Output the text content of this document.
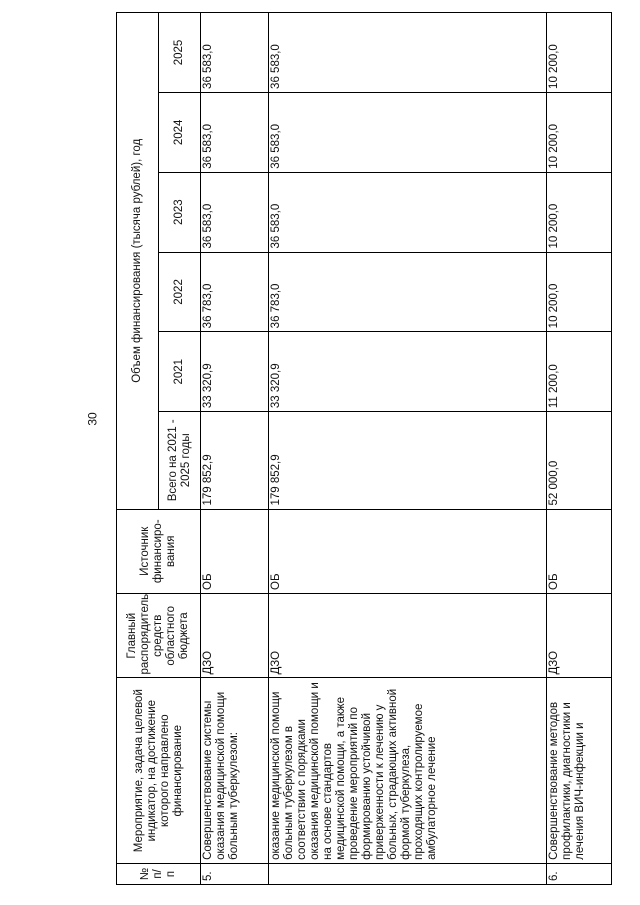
30
№ п/п	Мероприятие, задача целевой индикатор, на достижение которого направлено финансирование	Главный распорядитель средств областного бюджета	Источник финансиро-вания	Объем финансирования (тысяча рублей), год					
				Всего на 2021 - 2025 годы	2021	2022	2023	2024	2025
5.	Совершенствование системы оказания медицинской помощи больным туберкулезом:	ДЗО	ОБ	179 852,9	33 320,9	36 783,0	36 583,0	36 583,0	36 583,0
	оказание медицинской помощи больным туберкулезом в соответствии с порядками оказания медицинской помощи и на основе стандартов медицинской помощи, а также проведение мероприятий по формированию устойчивой приверженности к лечению у больных, страдающих активной формой туберкулеза, проходящих контролируемое амбулаторное лечение	ДЗО	ОБ	179 852,9	33 320,9	36 783,0	36 583,0	36 583,0	36 583,0
6.	Совершенствование методов профилактики, диагностики и лечения ВИЧ-инфекции и	ДЗО	ОБ	52 000,0	11 200,0	10 200,0	10 200,0	10 200,0	10 200,0
